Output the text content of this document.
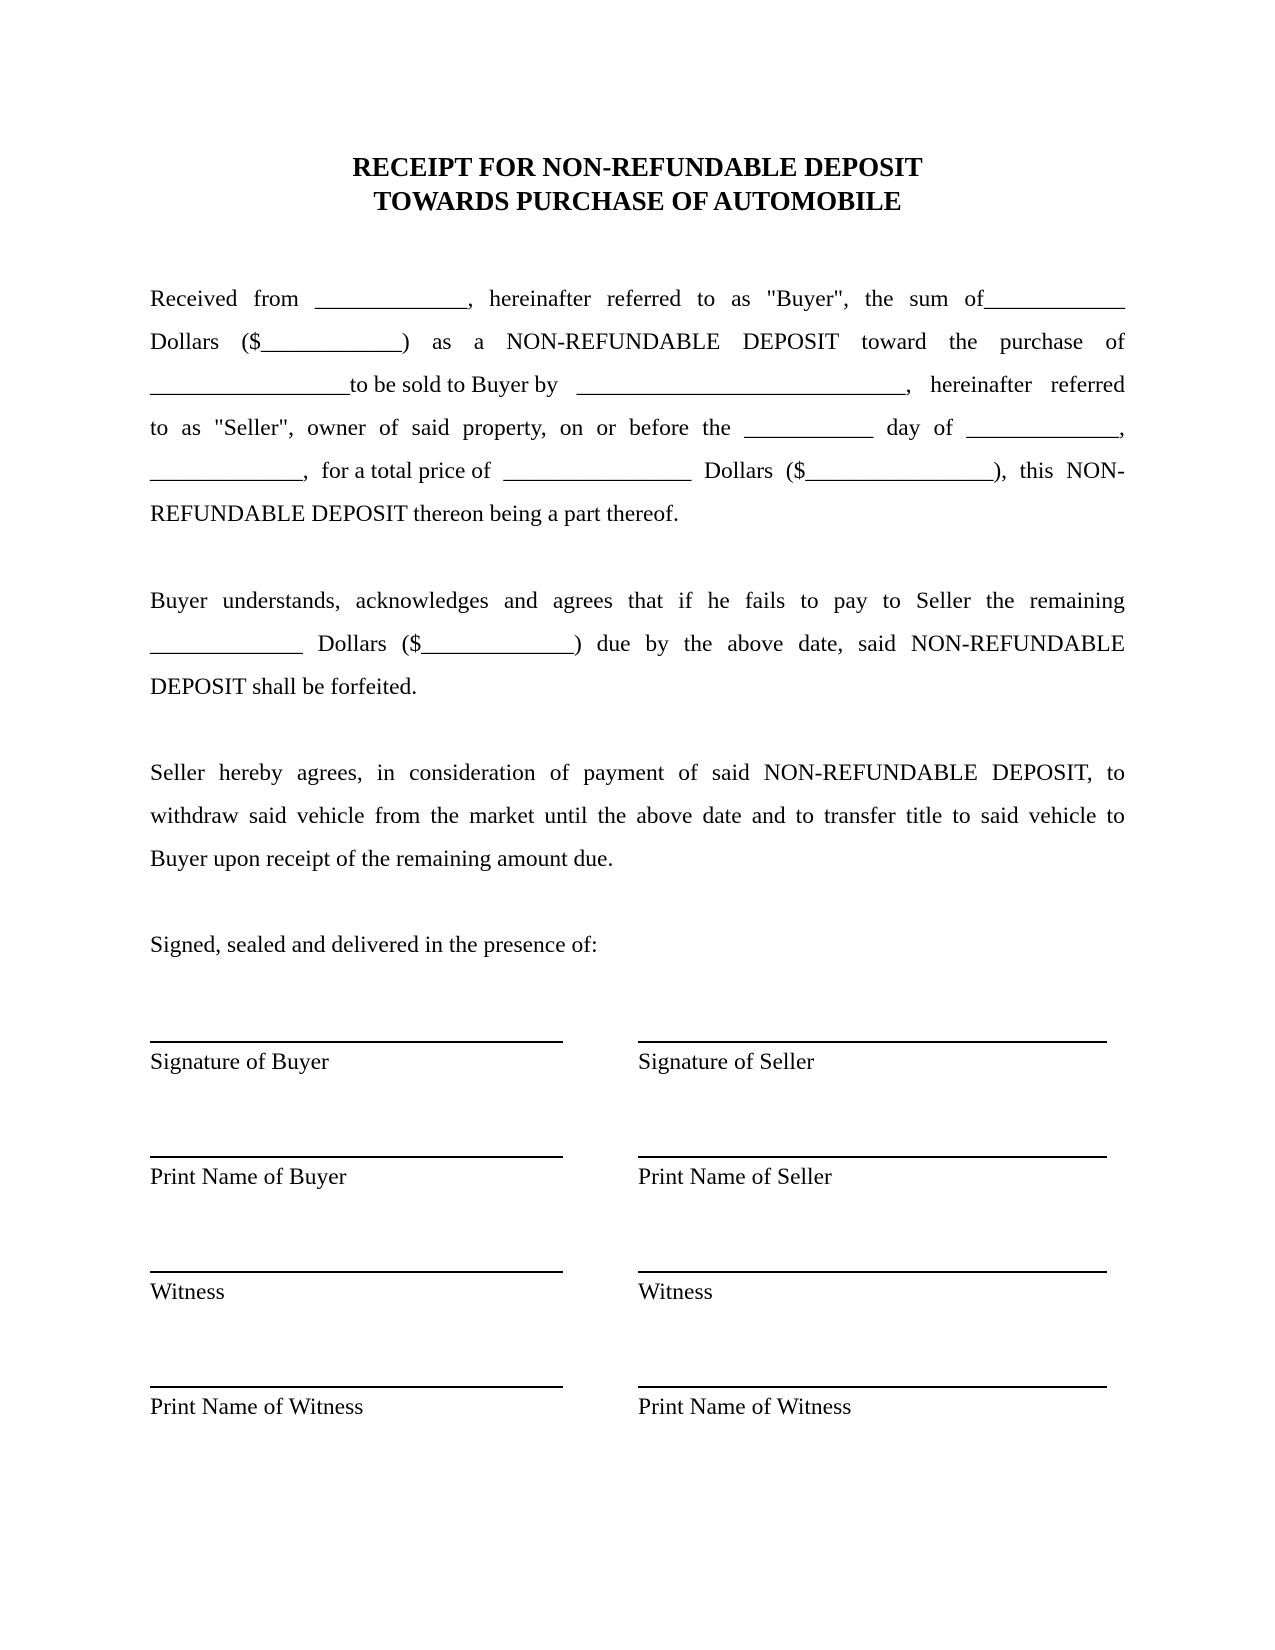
RECEIPT FOR NON-REFUNDABLE DEPOSIT
TOWARDS PURCHASE OF AUTOMOBILE
Received from _____________, hereinafter referred to as "Buyer", the sum of____________
Dollars ($____________) as a NON-REFUNDABLE DEPOSIT toward the purchase of
_________________to be sold to Buyer by ____________________________, hereinafter referred
to as "Seller", owner of said property, on or before the ___________ day of _____________,
_____________, for a total price of ________________ Dollars ($________________), this NON-
REFUNDABLE DEPOSIT thereon being a part thereof.
Buyer understands, acknowledges and agrees that if he fails to pay to Seller the remaining
_____________ Dollars ($_____________) due by the above date, said NON-REFUNDABLE
DEPOSIT shall be forfeited.
Seller hereby agrees, in consideration of payment of said NON-REFUNDABLE DEPOSIT, to
withdraw said vehicle from the market until the above date and to transfer title to said vehicle to
Buyer upon receipt of the remaining amount due.
Signed, sealed and delivered in the presence of:
Signature of Buyer	Signature of Seller
Print Name of Buyer	Print Name of Seller
Witness	Witness
Print Name of Witness	Print Name of Witness
